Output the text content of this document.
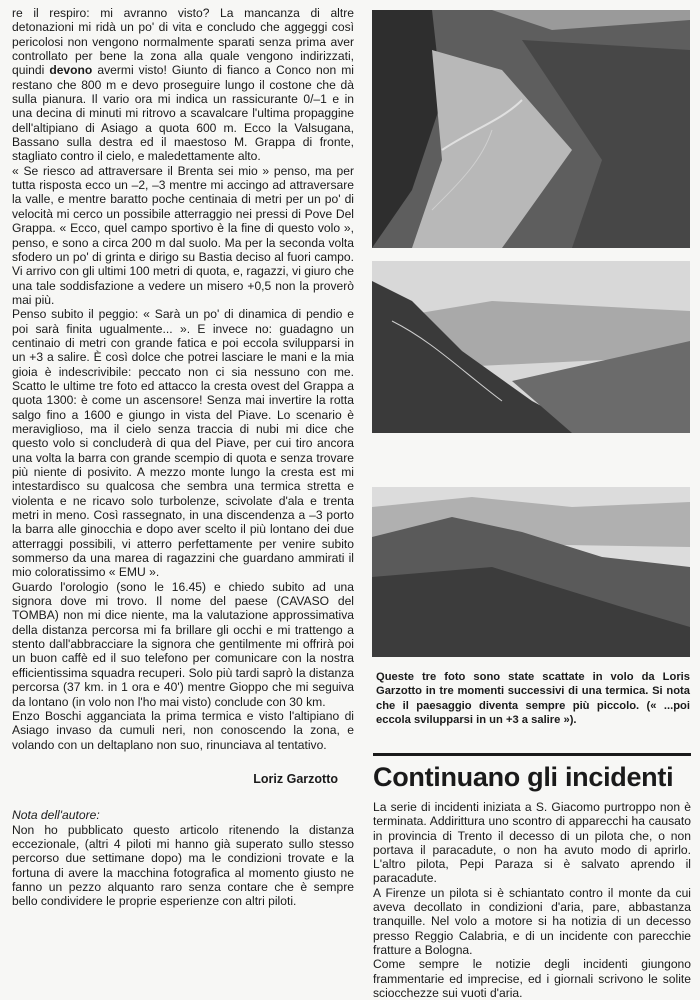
re il respiro: mi avranno visto? La mancanza di altre detonazioni mi ridà un po' di vita e concludo che aggeggi così pericolosi non vengono normalmente sparati senza prima aver controllato per bene la zona alla quale vengono indirizzati, quindi devono avermi visto! Giunto di fianco a Conco non mi restano che 800 m e devo proseguire lungo il costone che dà sulla pianura. Il vario ora mi indica un rassicurante 0/–1 e in una decina di minuti mi ritrovo a scavalcare l'ultima propaggine dell'altipiano di Asiago a quota 600 m. Ecco la Valsugana, Bassano sulla destra ed il maestoso M. Grappa di fronte, stagliato contro il cielo, e maledettamente alto.

« Se riesco ad attraversare il Brenta sei mio » penso, ma per tutta risposta ecco un –2, –3 mentre mi accingo ad attraversare la valle, e mentre baratto poche centinaia di metri per un po' di velocità mi cerco un possibile atterraggio nei pressi di Pove Del Grappa. « Ecco, quel campo sportivo è la fine di questo volo », penso, e sono a circa 200 m dal suolo. Ma per la seconda volta sfodero un po' di grinta e dirigo su Bastia deciso al fuori campo. Vi arrivo con gli ultimi 100 metri di quota, e, ragazzi, vi giuro che una tale soddisfazione a vedere un misero +0,5 non la proverò mai più.

Penso subito il peggio: « Sarà un po' di dinamica di pendio e poi sarà finita ugualmente... ». E invece no: guadagno un centinaio di metri con grande fatica e poi eccola svilupparsi in un +3 a salire. È così dolce che potrei lasciare le mani e la mia gioia è indescrivibile: peccato non ci sia nessuno con me. Scatto le ultime tre foto ed attacco la cresta ovest del Grappa a quota 1300: è come un ascensore! Senza mai invertire la rotta salgo fino a 1600 e giungo in vista del Piave. Lo scenario è meraviglioso, ma il cielo senza traccia di nubi mi dice che questo volo si concluderà di qua del Piave, per cui tiro ancora una volta la barra con grande scempio di quota e senza trovare più niente di posivito. A mezzo monte lungo la cresta est mi intestardisco su qualcosa che sembra una termica stretta e violenta e ne ricavo solo turbolenze, scivolate d'ala e trenta metri in meno. Così rassegnato, in una discendenza a –3 porto la barra alle ginocchia e dopo aver scelto il più lontano dei due atterraggi possibili, vi atterro perfettamente per venire subito sommerso da una marea di ragazzini che guardano ammirati il mio coloratissimo « EMU ».

Guardo l'orologio (sono le 16.45) e chiedo subito ad una signora dove mi trovo. Il nome del paese (CAVASO del TOMBA) non mi dice niente, ma la valutazione approssimativa della distanza percorsa mi fa brillare gli occhi e mi trattengo a stento dall'abbracciare la signora che gentilmente mi offrirà poi un buon caffè ed il suo telefono per comunicare con la nostra efficientissima squadra recuperi. Solo più tardi saprò la distanza percorsa (37 km. in 1 ora e 40') mentre Gioppo che mi seguiva da lontano (in volo non l'ho mai visto) conclude con 30 km.

Enzo Boschi agganciata la prima termica e visto l'altipiano di Asiago invaso da cumuli neri, non conoscendo la zona, e volando con un deltaplano non suo, rinunciava al tentativo.

Loriz Garzotto
Nota dell'autore:

Non ho pubblicato questo articolo ritenendo la distanza eccezionale, (altri 4 piloti mi hanno già superato sullo stesso percorso due settimane dopo) ma le condizioni trovate e la fortuna di avere la macchina fotografica al momento giusto ne fanno un pezzo alquanto raro senza contare che è sempre bello condividere le proprie esperienze con altri piloti.

Queste tre foto sono state scattate in volo da Loris Garzotto in tre momenti successivi di una termica. Si nota che il paesaggio diventa sempre più piccolo. (« ...poi eccola svilupparsi in un +3 a salire »).
Continuano gli incidenti

La serie di incidenti iniziata a S. Giacomo purtroppo non è terminata. Addirittura uno scontro di apparecchi ha causato in provincia di Trento il decesso di un pilota che, o non portava il paracadute, o non ha avuto modo di aprirlo. L'altro pilota, Pepi Paraza si è salvato aprendo il paracadute.

A Firenze un pilota si è schiantato contro il monte da cui aveva decollato in condizioni d'aria, pare, abbastanza tranquille. Nel volo a motore si ha notizia di un decesso presso Reggio Calabria, e di un incidente con parecchie fratture a Bologna.

Come sempre le notizie degli incidenti giungono frammentarie ed imprecise, ed i giornali scrivono le solite sciocchezze sui vuoti d'aria.
